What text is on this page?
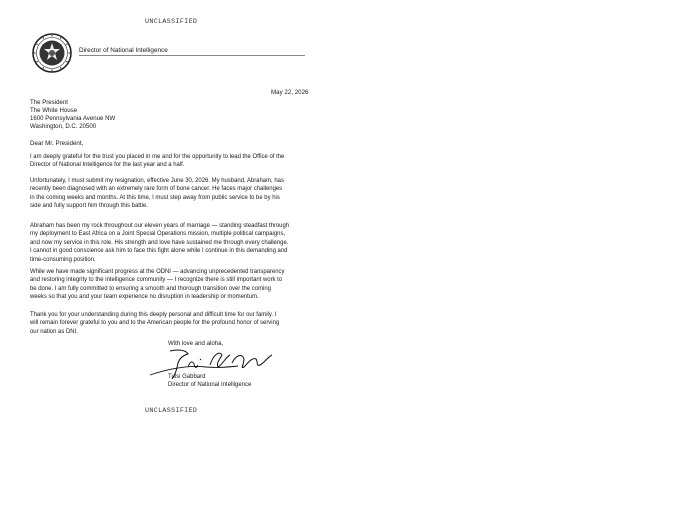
UNCLASSIFIED
Director of National Intelligence
May 22, 2026
The President
The White House
1600 Pennsylvania Avenue NW
Washington, D.C. 20500
Dear Mr. President,
I am deeply grateful for the trust you placed in me and for the opportunity to lead the Office of the
Director of National Intelligence for the last year and a half.
Unfortunately, I must submit my resignation, effective June 30, 2026. My husband, Abraham, has
recently been diagnosed with an extremely rare form of bone cancer. He faces major challenges
in the coming weeks and months. At this time, I must step away from public service to be by his
side and fully support him through this battle.
Abraham has been my rock throughout our eleven years of marriage — standing steadfast through
my deployment to East Africa on a Joint Special Operations mission, multiple political campaigns,
and now my service in this role. His strength and love have sustained me through every challenge.
I cannot in good conscience ask him to face this fight alone while I continue in this demanding and
time-consuming position.
While we have made significant progress at the ODNI — advancing unprecedented transparency
and restoring integrity to the intelligence community — I recognize there is still important work to
be done. I am fully committed to ensuring a smooth and thorough transition over the coming
weeks so that you and your team experience no disruption in leadership or momentum.
Thank you for your understanding during this deeply personal and difficult time for our family. I
will remain forever grateful to you and to the American people for the profound honor of serving
our nation as DNI.
With love and aloha,
Tulsi Gabbard
Director of National Intelligence
UNCLASSIFIED
